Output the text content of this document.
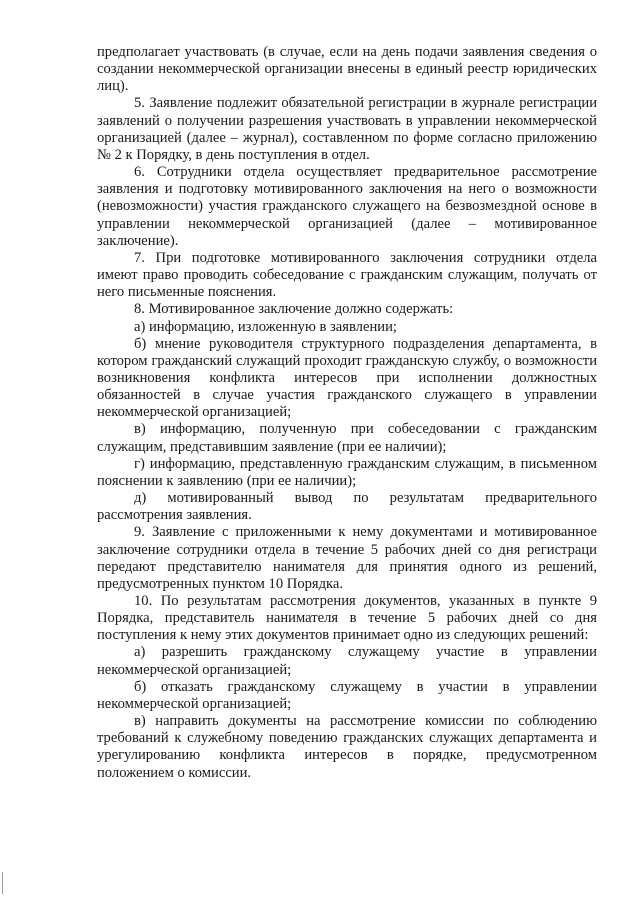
предполагает участвовать (в случае, если на день подачи заявления сведения о создании некоммерческой организации внесены в единый реестр юридических лиц).

5. Заявление подлежит обязательной регистрации в журнале регистрации заявлений о получении разрешения участвовать в управлении некоммерческой организацией (далее – журнал), составленном по форме согласно приложению № 2 к Порядку, в день поступления в отдел.

6. Сотрудники отдела осуществляет предварительное рассмотрение заявления и подготовку мотивированного заключения на него о возможности (невозможности) участия гражданского служащего на безвозмездной основе в управлении некоммерческой организацией (далее – мотивированное заключение).

7. При подготовке мотивированного заключения сотрудники отдела имеют право проводить собеседование с гражданским служащим, получать от него письменные пояснения.

8. Мотивированное заключение должно содержать:

а) информацию, изложенную в заявлении;

б) мнение руководителя структурного подразделения департамента, в котором гражданский служащий проходит гражданскую службу, о возможности возникновения конфликта интересов при исполнении должностных обязанностей в случае участия гражданского служащего в управлении некоммерческой организацией;

в) информацию, полученную при собеседовании с гражданским служащим, представившим заявление (при ее наличии);

г) информацию, представленную гражданским служащим, в письменном пояснении к заявлению (при ее наличии);

д) мотивированный вывод по результатам предварительного рассмотрения заявления.

9. Заявление с приложенными к нему документами и мотивированное заключение сотрудники отдела в течение 5 рабочих дней со дня регистраци передают представителю нанимателя для принятия одного из решений, предусмотренных пунктом 10 Порядка.

10. По результатам рассмотрения документов, указанных в пункте 9 Порядка, представитель нанимателя в течение 5 рабочих дней со дня поступления к нему этих документов принимает одно из следующих решений:

а) разрешить гражданскому служащему участие в управлении некоммерческой организацией;

б) отказать гражданскому служащему в участии в управлении некоммерческой организацией;

в) направить документы на рассмотрение комиссии по соблюдению требований к служебному поведению гражданских служащих департамента и урегулированию конфликта интересов в порядке, предусмотренном положением о комиссии.
